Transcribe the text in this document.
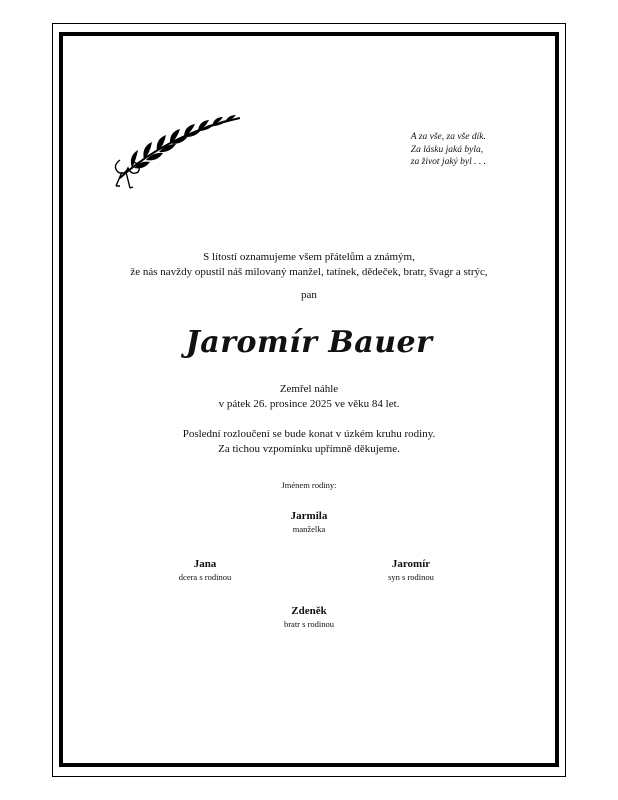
A za vše, za vše dík.
Za lásku jaká byla,
za život jaký byl . . .
S lítostí oznamujeme všem přátelům a známým,
že nás navždy opustil náš milovaný manžel, tatínek, dědeček, bratr, švagr a strýc,
pan
Jaromír Bauer
Zemřel náhle
v pátek 26. prosince 2025 ve věku 84 let.
Poslední rozloučení se bude konat v úzkém kruhu rodiny.
Za tichou vzpomínku upřímně děkujeme.
Jménem rodiny:
Jarmila
manželka
Jana
dcera s rodinou
Jaromír
syn s rodinou
Zdeněk
bratr s rodinou
